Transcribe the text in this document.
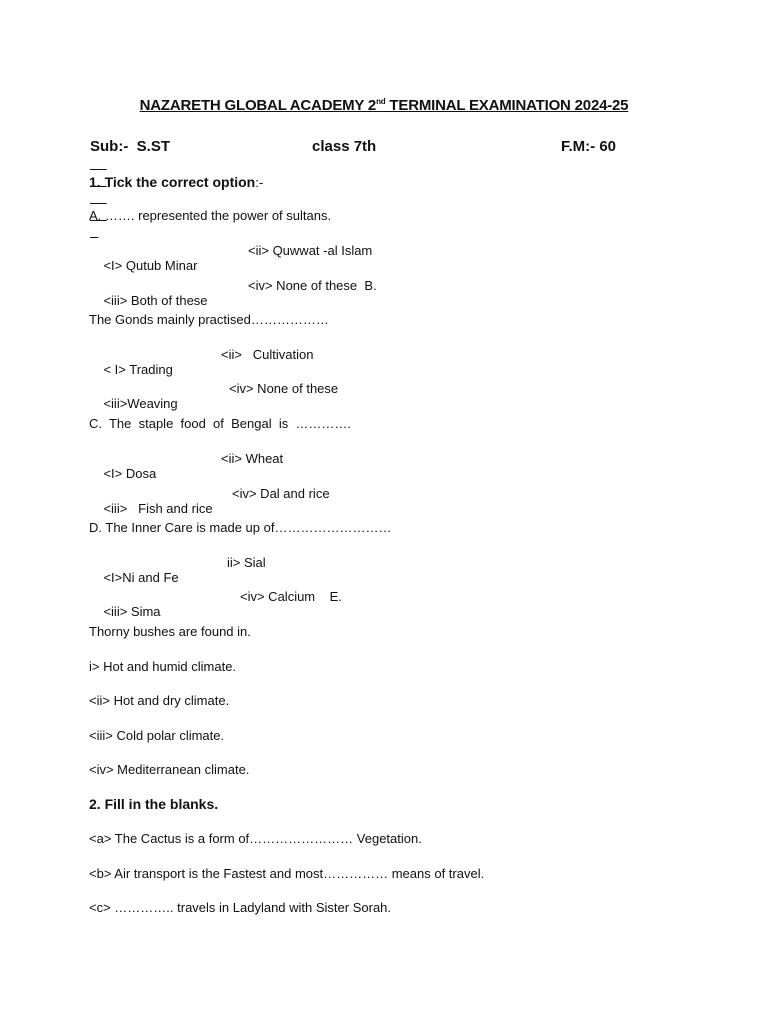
NAZARETH GLOBAL ACADEMY 2nd TERMINAL EXAMINATION 2024-25

Sub:-  S.ST

	class 7th

	F.M:- 60

1. Tick the correct option:-
A. ……. represented the power of sultans.

<I> Qutub Minar

<ii> Quwwat -al Islam

<iii> Both of these

<iv> None of these  B.

The Gonds mainly practised………………

< I> Trading

<ii>   Cultivation

<iii>Weaving

<iv> None of these

C.  The  staple  food  of  Bengal  is  ………….

<I> Dosa

<ii> Wheat

<iii>   Fish and rice

<iv> Dal and rice

D. The Inner Care is made up of………………………

<I>Ni and Fe

ii> Sial

<iii> Sima

<iv> Calcium    E.

Thorny bushes are found in.
i> Hot and humid climate.
<ii> Hot and dry climate.
<iii> Cold polar climate.
<iv> Mediterranean climate.
2. Fill in the blanks.
<a> The Cactus is a form of…………………… Vegetation.
<b> Air transport is the Fastest and most…………… means of travel.
<c> ………….. travels in Ladyland with Sister Sorah.
